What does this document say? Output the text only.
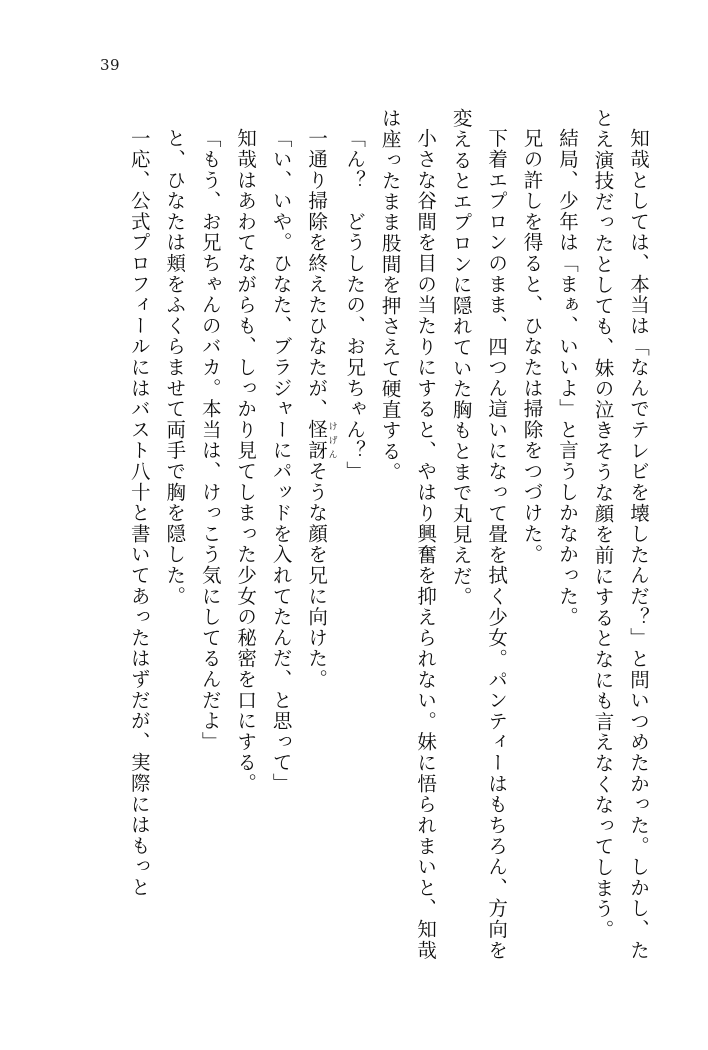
39

知哉としては、本当は「なんでテレビを壊したんだ？」と問いつめたかった。しかし、たとえ演技だったとしても、妹の泣きそうな顔を前にするとなにも言えなくなってしまう。

結局、少年は「まぁ、いいよ」と言うしかなかった。

兄の許しを得ると、ひなたは掃除をつづけた。

下着エプロンのまま、四つん這いになって畳を拭く少女。パンティーはもちろん、方向を変えるとエプロンに隠れていた胸もとまで丸見えだ。

小さな谷間を目の当たりにすると、やはり興奮を抑えられない。妹に悟られまいと、知哉は座ったまま股間を押さえて硬直する。

「ん？　どうしたの、お兄ちゃん？」

一通り掃除を終えたひなたが、怪訝けげんそうな顔を兄に向けた。

「い、いや。ひなた、ブラジャーにパッドを入れてたんだ、と思って」

知哉はあわてながらも、しっかり見てしまった少女の秘密を口にする。

「もう、お兄ちゃんのバカ。本当は、けっこう気にしてるんだよ」

と、ひなたは頬をふくらませて両手で胸を隠した。

一応、公式プロフィールにはバスト八十と書いてあったはずだが、実際にはもっと
